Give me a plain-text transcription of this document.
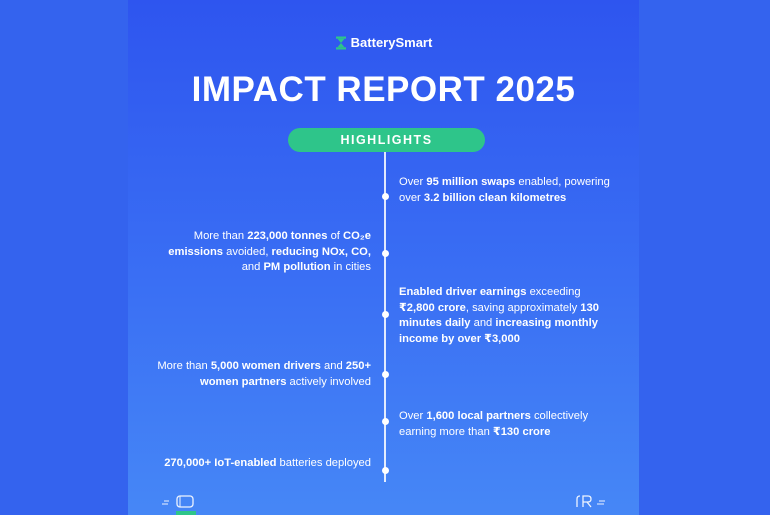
BatterySmart
IMPACT REPORT 2025
HIGHLIGHTS
Over 95 million swaps enabled, powering over 3.2 billion clean kilometres
More than 223,000 tonnes of CO₂e emissions avoided, reducing NOx, CO, and PM pollution in cities
Enabled driver earnings exceeding ₹2,800 crore, saving approximately 130 minutes daily and increasing monthly income by over ₹3,000
More than 5,000 women drivers and 250+ women partners actively involved
Over 1,600 local partners collectively earning more than ₹130 crore
270,000+ IoT-enabled batteries deployed
